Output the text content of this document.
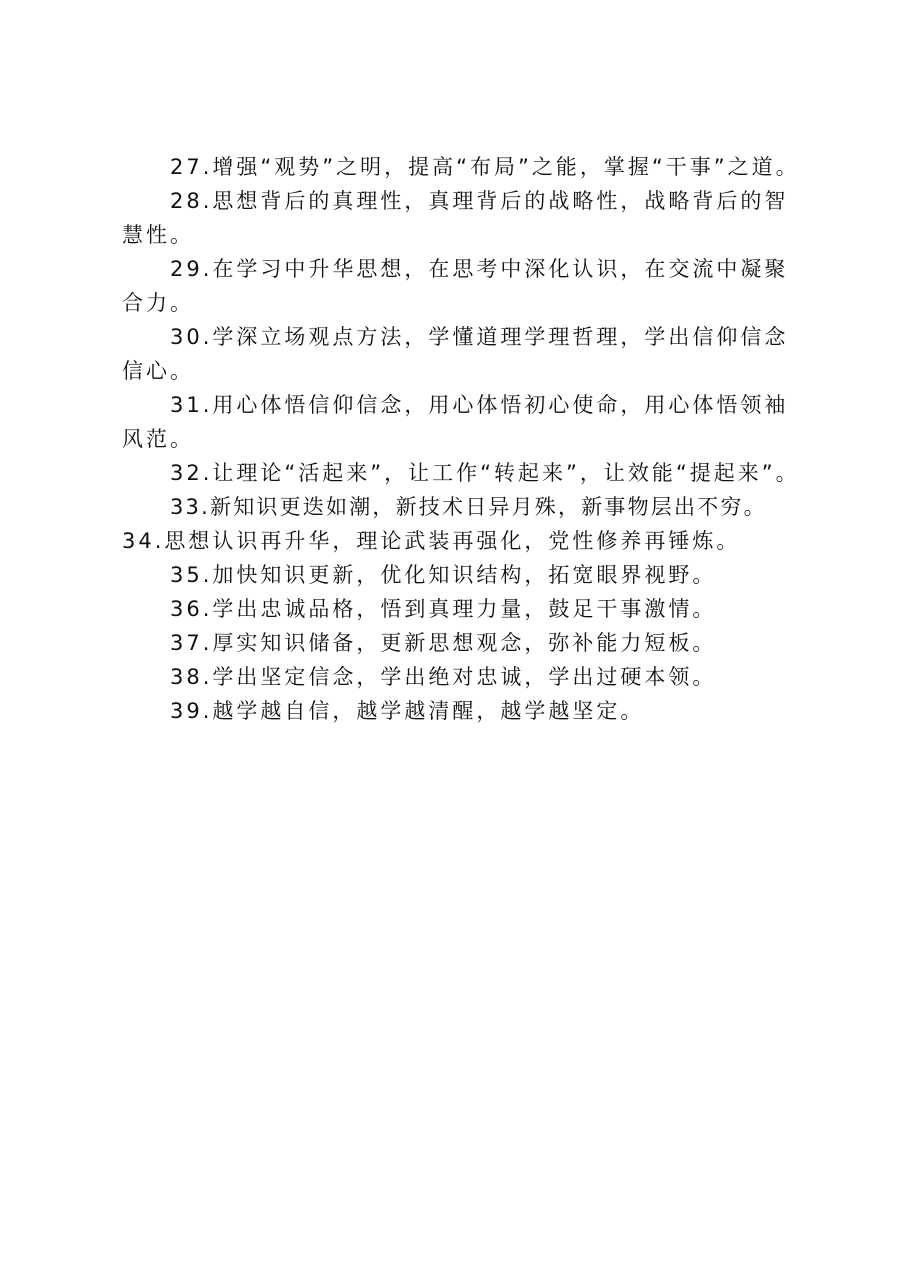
27.增强“观势”之明，提高“布局”之能，掌握“干事”之道。

28.思想背后的真理性，真理背后的战略性，战略背后的智慧性。

29.在学习中升华思想，在思考中深化认识，在交流中凝聚合力。

30.学深立场观点方法，学懂道理学理哲理，学出信仰信念信心。

31.用心体悟信仰信念，用心体悟初心使命，用心体悟领袖风范。

32.让理论“活起来”，让工作“转起来”，让效能“提起来”。

33.新知识更迭如潮，新技术日异月殊，新事物层出不穷。

34.思想认识再升华，理论武装再强化，党性修养再锤炼。

35.加快知识更新，优化知识结构，拓宽眼界视野。

36.学出忠诚品格，悟到真理力量，鼓足干事激情。

37.厚实知识储备，更新思想观念，弥补能力短板。

38.学出坚定信念，学出绝对忠诚，学出过硬本领。

39.越学越自信，越学越清醒，越学越坚定。
